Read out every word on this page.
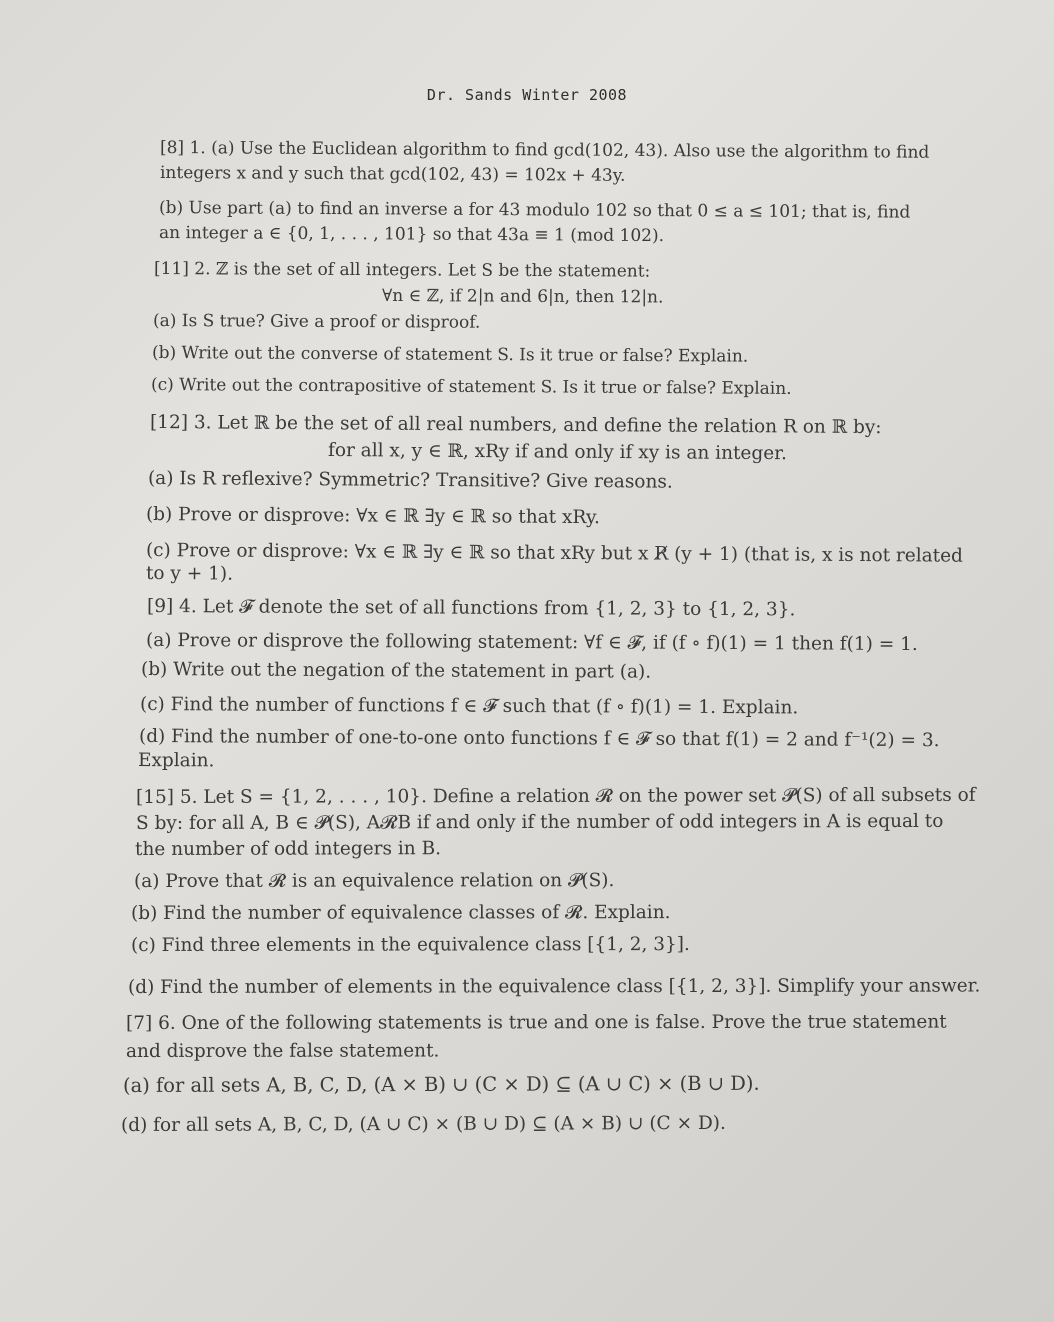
Dr. Sands Winter 2008
[8] 1. (a) Use the Euclidean algorithm to find gcd(102, 43). Also use the algorithm to find
integers x and y such that gcd(102, 43) = 102x + 43y.
(b) Use part (a) to find an inverse a for 43 modulo 102 so that 0 ≤ a ≤ 101; that is, find
an integer a ∈ {0, 1, . . . , 101} so that 43a ≡ 1 (mod 102).
[11] 2. ℤ is the set of all integers. Let S be the statement:
∀n ∈ ℤ, if 2|n and 6|n, then 12|n.
(a) Is S true? Give a proof or disproof.
(b) Write out the converse of statement S. Is it true or false? Explain.
(c) Write out the contrapositive of statement S. Is it true or false? Explain.
[12] 3. Let ℝ be the set of all real numbers, and define the relation R on ℝ by:
for all x, y ∈ ℝ, xRy if and only if xy is an integer.
(a) Is R reflexive? Symmetric? Transitive? Give reasons.
(b) Prove or disprove: ∀x ∈ ℝ ∃y ∈ ℝ so that xRy.
(c) Prove or disprove: ∀x ∈ ℝ ∃y ∈ ℝ so that xRy but x R̸ (y + 1) (that is, x is not related
to y + 1).
[9] 4. Let 𝓕 denote the set of all functions from {1, 2, 3} to {1, 2, 3}.
(a) Prove or disprove the following statement: ∀f ∈ 𝓕, if (f ∘ f)(1) = 1 then f(1) = 1.
(b) Write out the negation of the statement in part (a).
(c) Find the number of functions f ∈ 𝓕 such that (f ∘ f)(1) = 1. Explain.
(d) Find the number of one-to-one onto functions f ∈ 𝓕 so that f(1) = 2 and f⁻¹(2) = 3.
Explain.
[15] 5. Let S = {1, 2, . . . , 10}. Define a relation 𝓡 on the power set 𝓟(S) of all subsets of
S by: for all A, B ∈ 𝓟(S), A𝓡B if and only if the number of odd integers in A is equal to
the number of odd integers in B.
(a) Prove that 𝓡 is an equivalence relation on 𝓟(S).
(b) Find the number of equivalence classes of 𝓡. Explain.
(c) Find three elements in the equivalence class [{1, 2, 3}].
(d) Find the number of elements in the equivalence class [{1, 2, 3}]. Simplify your answer.
[7] 6. One of the following statements is true and one is false. Prove the true statement
and disprove the false statement.
(a) for all sets A, B, C, D, (A × B) ∪ (C × D) ⊆ (A ∪ C) × (B ∪ D).
(d) for all sets A, B, C, D, (A ∪ C) × (B ∪ D) ⊆ (A × B) ∪ (C × D).
